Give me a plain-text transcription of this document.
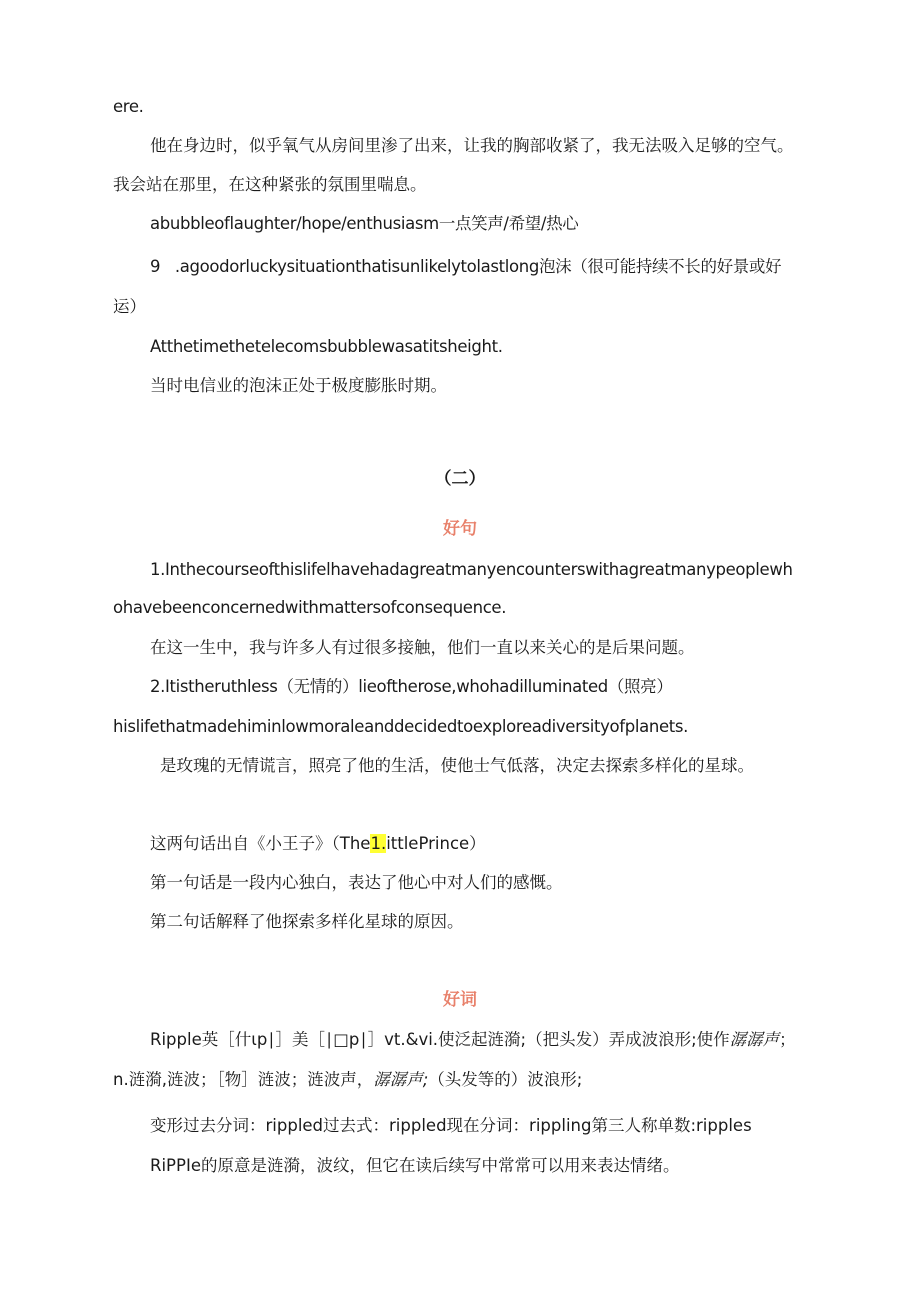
ere.
他在身边时，似乎氧气从房间里渗了出来，让我的胸部收紧了，我无法吸入足够的空气。
我会站在那里，在这种紧张的氛围里喘息。
abubbleoflaughter/hope/enthusiasm一点笑声/希望/热心
9   .agoodorluckysituationthatisunlikelytolastlong泡沫（很可能持续不长的好景或好
运）
Atthetimethetelecomsbubblewasatitsheight.
当时电信业的泡沫正处于极度膨胀时期。
（二）
好句
1.Inthecourseofthislifelhavehadagreatmanyencounterswithagreatmanypeoplewh
ohavebeenconcernedwithmattersofconsequence.
在这一生中，我与许多人有过很多接触，他们一直以来关心的是后果问题。
2.Itistheruthless（无情的）lieoftherose,whohadilluminated（照亮）
hislifethatmadehiminlowmoraleanddecidedtoexploreadiversityofplanets.
是玫瑰的无情谎言，照亮了他的生活，使他士气低落，决定去探索多样化的星球。
这两句话出自《小王子》（The1.ittlePrince）
第一句话是一段内心独白，表达了他心中对人们的感慨。
第二句话解释了他探索多样化星球的原因。
好词
Ripple英［什ιp∣］美［∣□p∣］vt.&vi.使泛起涟漪;（把头发）弄成波浪形;使作潺潺声；
n.涟漪,涟波；［物］涟波；涟波声，潺潺声;（头发等的）波浪形;
变形过去分词：rippled过去式：rippled现在分词：rippling第三人称单数:ripples
RiPPIe的原意是涟漪，波纹，但它在读后续写中常常可以用来表达情绪。
